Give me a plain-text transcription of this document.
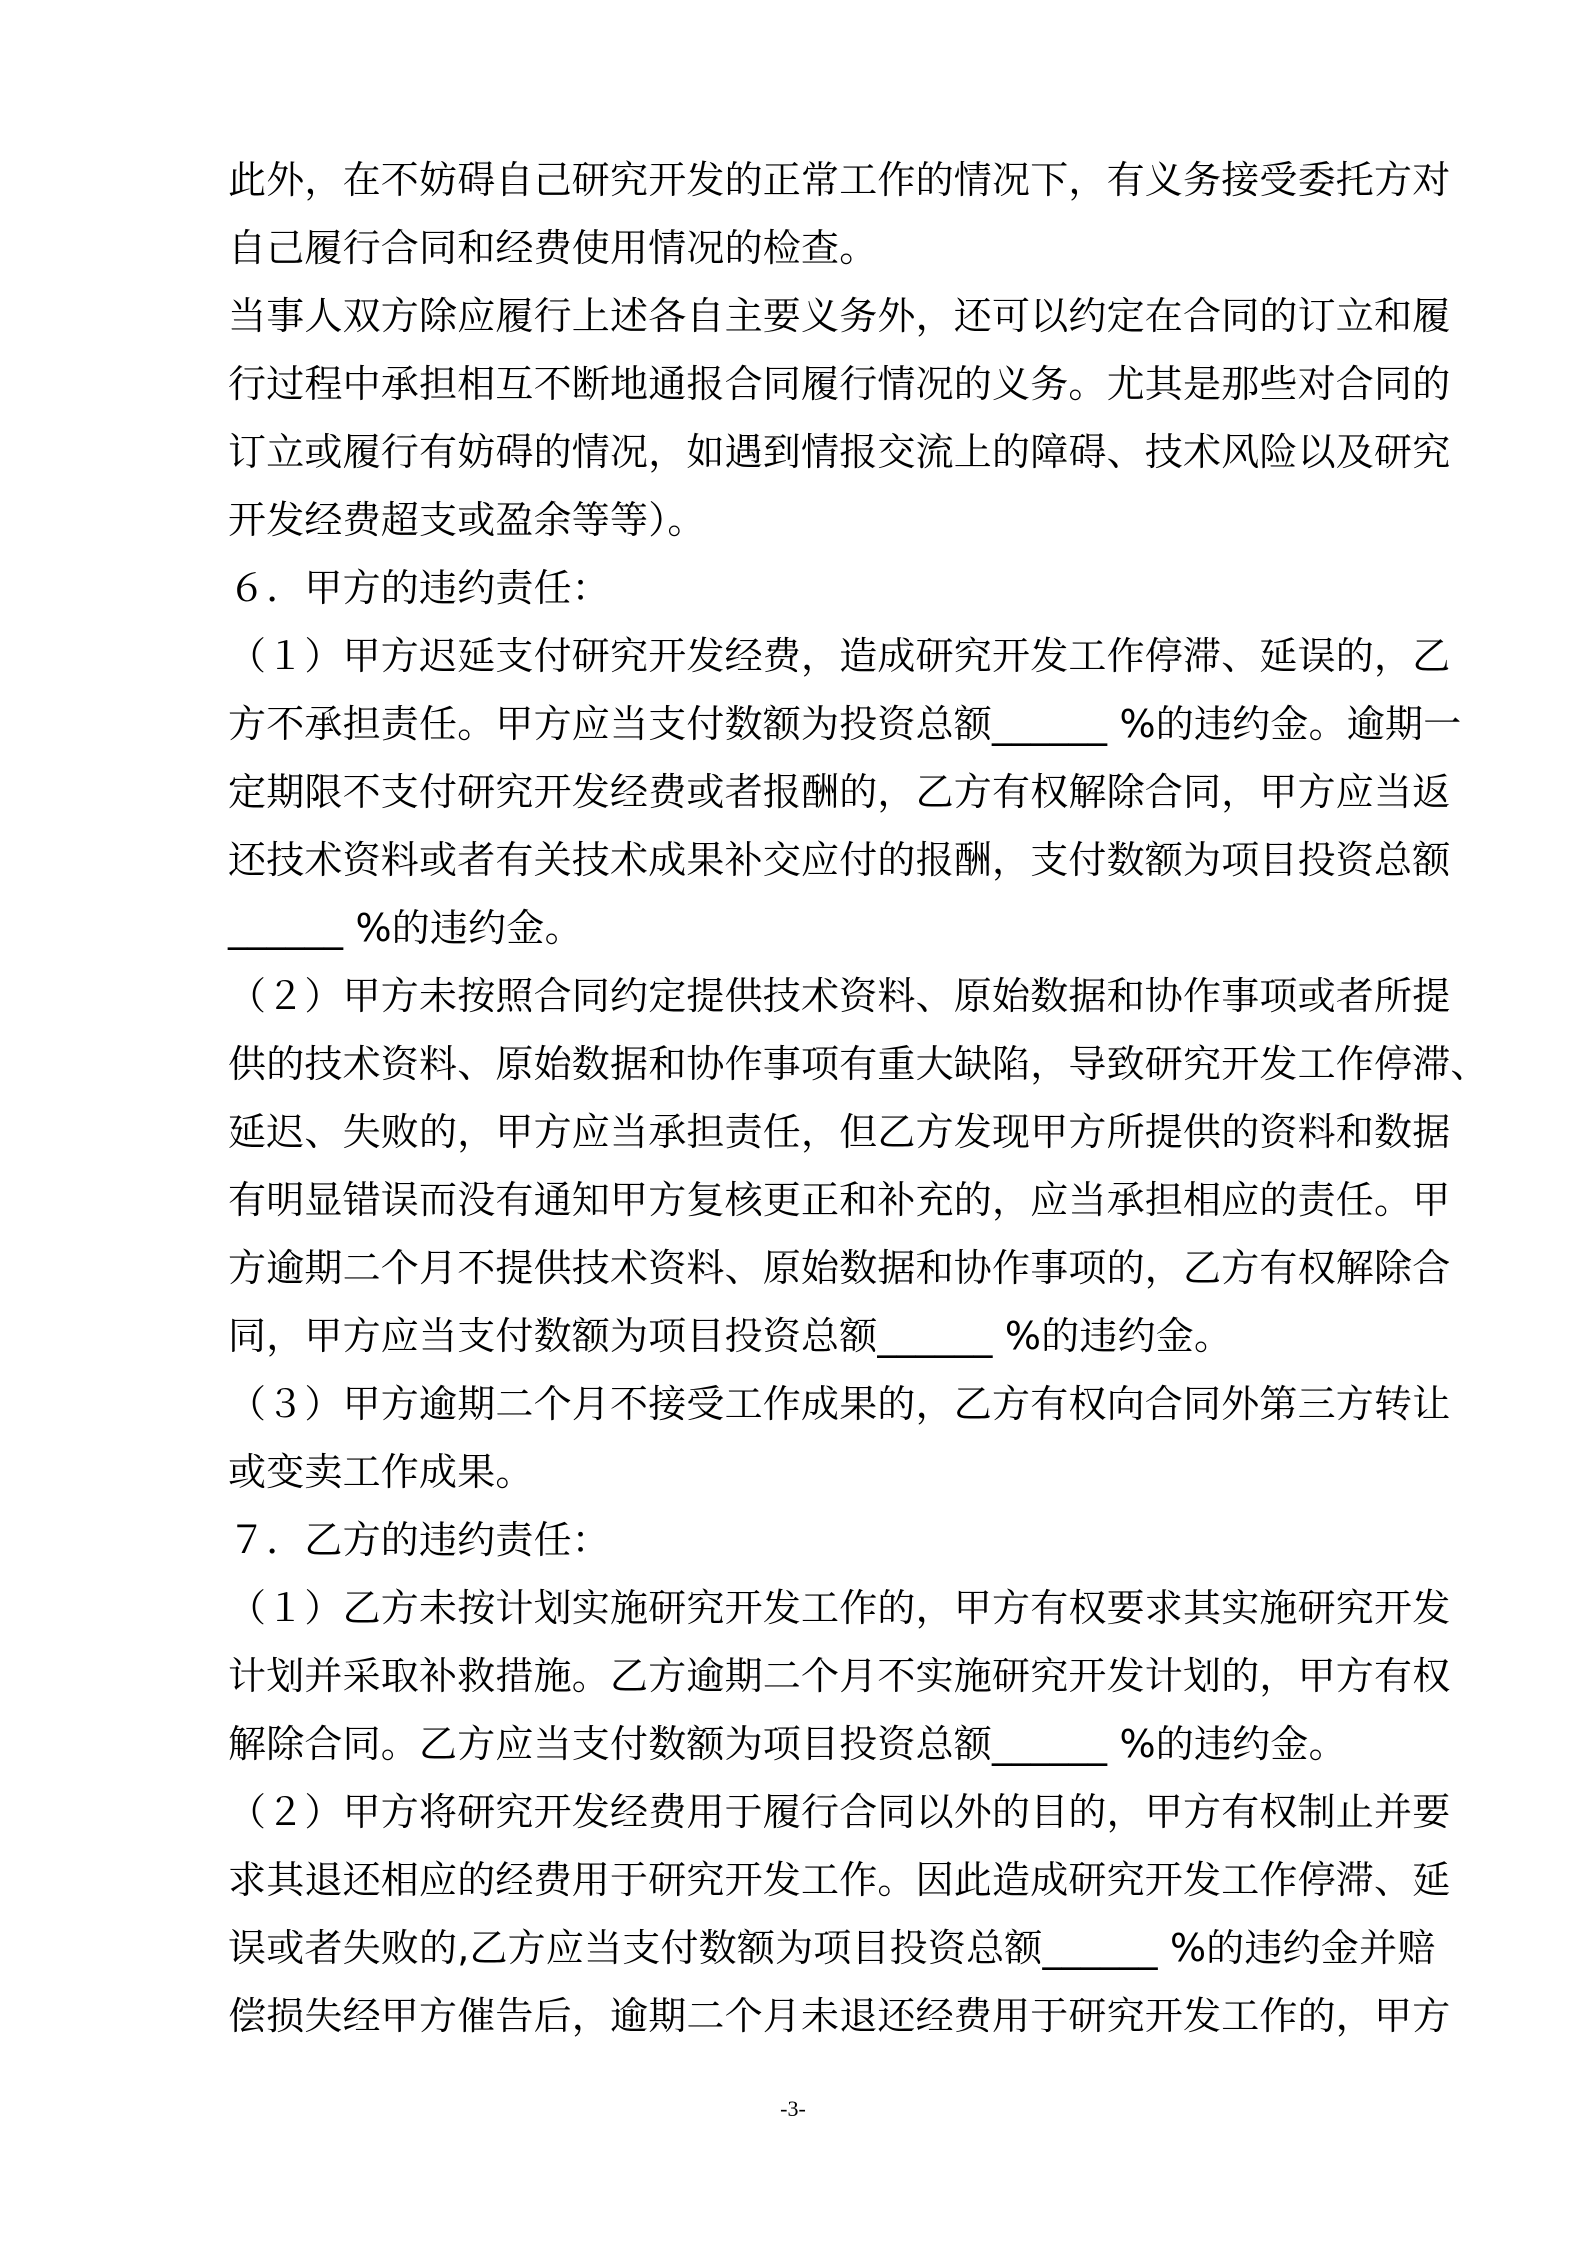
此外，在不妨碍自己研究开发的正常工作的情况下，有义务接受委托方对
自己履行合同和经费使用情况的检查。
当事人双方除应履行上述各自主要义务外，还可以约定在合同的订立和履
行过程中承担相互不断地通报合同履行情况的义务。尤其是那些对合同的
订立或履行有妨碍的情况，如遇到情报交流上的障碍、技术风险以及研究
开发经费超支或盈余等等）。
６．甲方的违约责任：
（１）甲方迟延支付研究开发经费，造成研究开发工作停滞、延误的，乙
方不承担责任。甲方应当支付数额为投资总额______ %的违约金。逾期一
定期限不支付研究开发经费或者报酬的，乙方有权解除合同，甲方应当返
还技术资料或者有关技术成果补交应付的报酬，支付数额为项目投资总额
______ %的违约金。
（２）甲方未按照合同约定提供技术资料、原始数据和协作事项或者所提
供的技术资料、原始数据和协作事项有重大缺陷，导致研究开发工作停滞、
延迟、失败的，甲方应当承担责任，但乙方发现甲方所提供的资料和数据
有明显错误而没有通知甲方复核更正和补充的，应当承担相应的责任。甲
方逾期二个月不提供技术资料、原始数据和协作事项的，乙方有权解除合
同，甲方应当支付数额为项目投资总额______ %的违约金。
（３）甲方逾期二个月不接受工作成果的，乙方有权向合同外第三方转让
或变卖工作成果。
７．乙方的违约责任：
（１）乙方未按计划实施研究开发工作的，甲方有权要求其实施研究开发
计划并采取补救措施。乙方逾期二个月不实施研究开发计划的，甲方有权
解除合同。乙方应当支付数额为项目投资总额______ %的违约金。
（２）甲方将研究开发经费用于履行合同以外的目的，甲方有权制止并要
求其退还相应的经费用于研究开发工作。因此造成研究开发工作停滞、延
误或者失败的,乙方应当支付数额为项目投资总额______ %的违约金并赔
偿损失经甲方催告后，逾期二个月未退还经费用于研究开发工作的，甲方
-3-
